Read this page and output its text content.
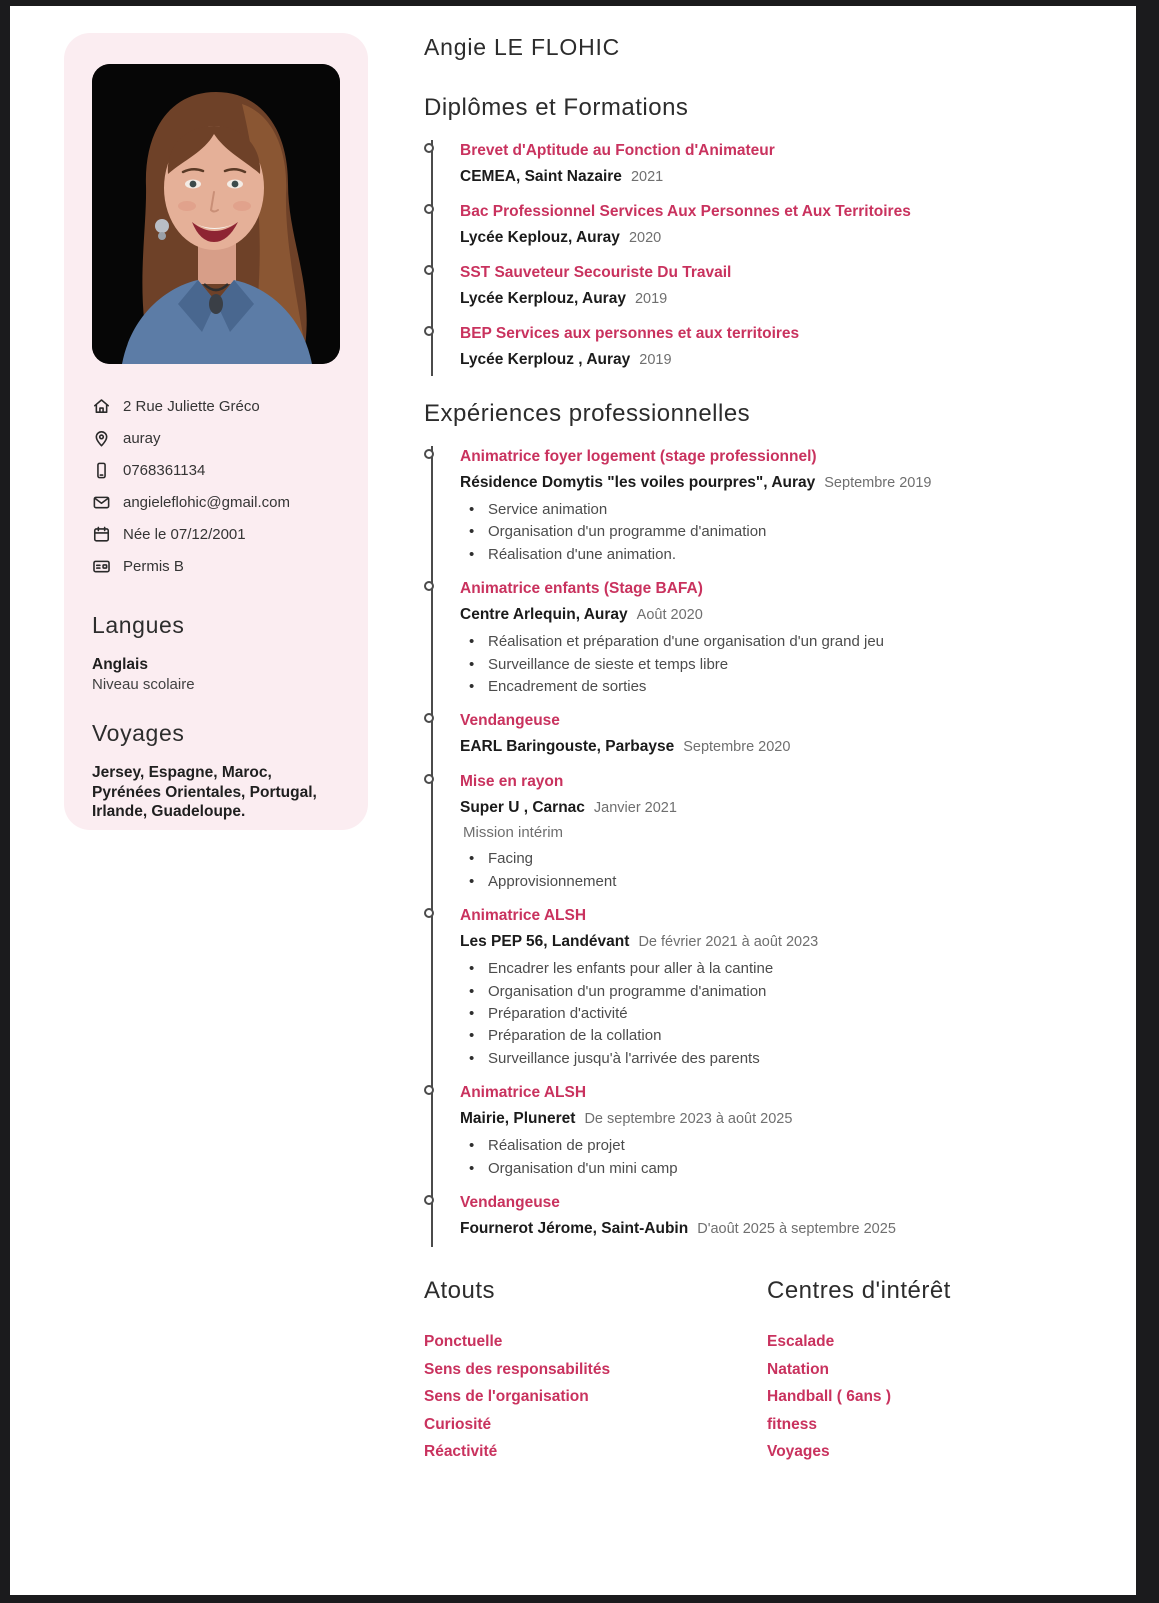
2 Rue Juliette Gréco
auray
0768361134
angieleflohic@gmail.com
Née le 07/12/2001
Permis B
Langues
Anglais
Niveau scolaire
Voyages
Jersey, Espagne, Maroc, Pyrénées Orientales, Portugal, Irlande, Guadeloupe.
Angie LE FLOHIC
Diplômes et Formations
Brevet d'Aptitude au Fonction d'Animateur
CEMEA, Saint Nazaire 2021
Bac Professionnel Services Aux Personnes et Aux Territoires
Lycée Keplouz, Auray 2020
SST Sauveteur Secouriste Du Travail
Lycée Kerplouz, Auray 2019
BEP Services aux personnes et aux territoires
Lycée Kerplouz , Auray 2019
Expériences professionnelles
Animatrice foyer logement (stage professionnel)
Résidence Domytis "les voiles pourpres", Auray Septembre 2019
• Service animation
• Organisation d'un programme d'animation
• Réalisation d'une animation.
Animatrice enfants (Stage BAFA)
Centre Arlequin, Auray Août 2020
• Réalisation et préparation d'une organisation d'un grand jeu
• Surveillance de sieste et temps libre
• Encadrement de sorties
Vendangeuse
EARL Baringouste, Parbayse Septembre 2020
Mise en rayon
Super U , Carnac Janvier 2021
Mission intérim
• Facing
• Approvisionnement
Animatrice ALSH
Les PEP 56, Landévant De février 2021 à août 2023
• Encadrer les enfants pour aller à la cantine
• Organisation d'un programme d'animation
• Préparation d'activité
• Préparation de la collation
• Surveillance jusqu'à l'arrivée des parents
Animatrice ALSH
Mairie, Pluneret De septembre 2023 à août 2025
• Réalisation de projet
• Organisation d'un mini camp
Vendangeuse
Fournerot Jérome, Saint-Aubin D'août 2025 à septembre 2025
Atouts
Ponctuelle
Sens des responsabilités
Sens de l'organisation
Curiosité
Réactivité
Centres d'intérêt
Escalade
Natation
Handball ( 6ans )
fitness
Voyages
